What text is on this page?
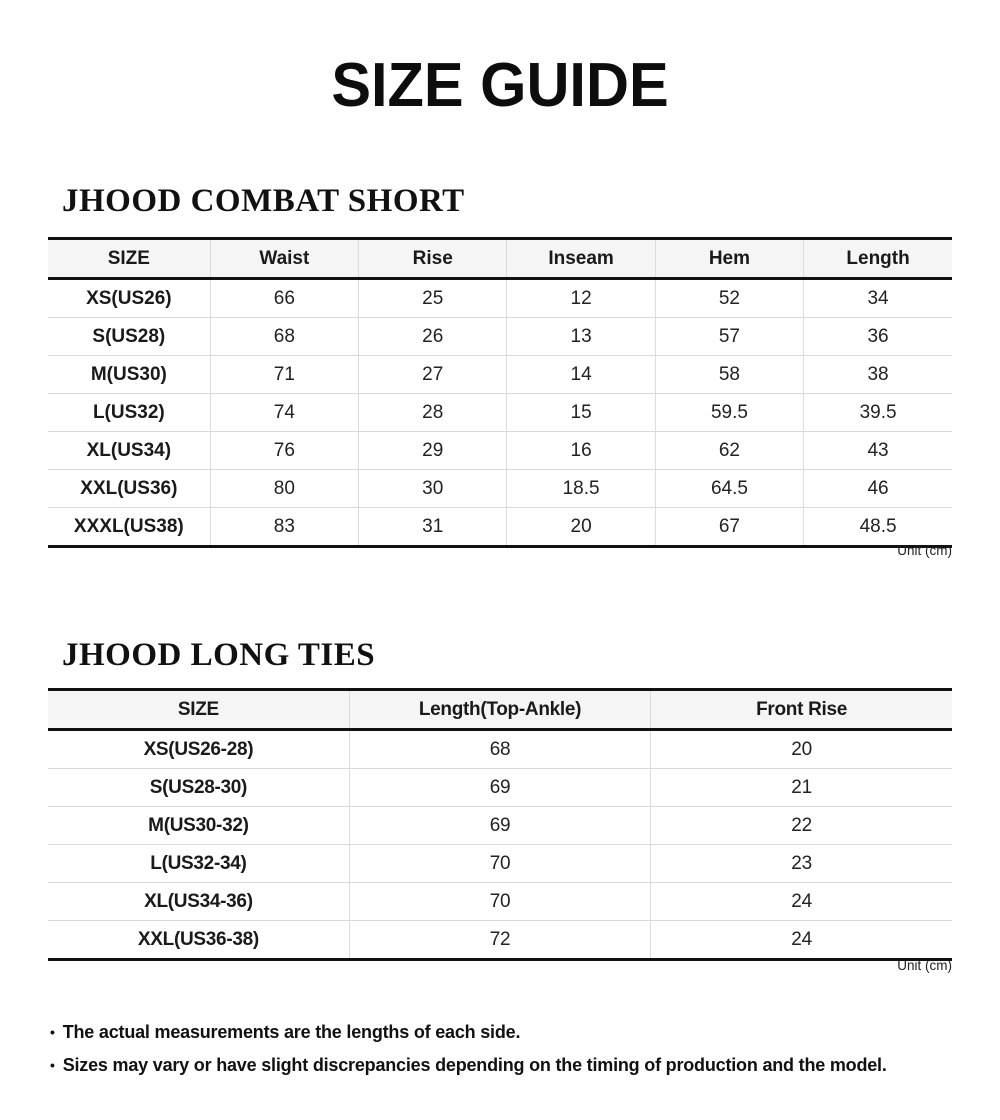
SIZE GUIDE
JHOOD COMBAT SHORT
SIZE	Waist	Rise	Inseam	Hem	Length
XS(US26)	66	25	12	52	34
S(US28)	68	26	13	57	36
M(US30)	71	27	14	58	38
L(US32)	74	28	15	59.5	39.5
XL(US34)	76	29	16	62	43
XXL(US36)	80	30	18.5	64.5	46
XXXL(US38)	83	31	20	67	48.5
Unit (cm)
JHOOD LONG TIES
SIZE	Length(Top-Ankle)	Front Rise
XS(US26-28)	68	20
S(US28-30)	69	21
M(US30-32)	69	22
L(US32-34)	70	23
XL(US34-36)	70	24
XXL(US36-38)	72	24
Unit (cm)
• The actual measurements are the lengths of each side.
• Sizes may vary or have slight discrepancies depending on the timing of production and the model.
